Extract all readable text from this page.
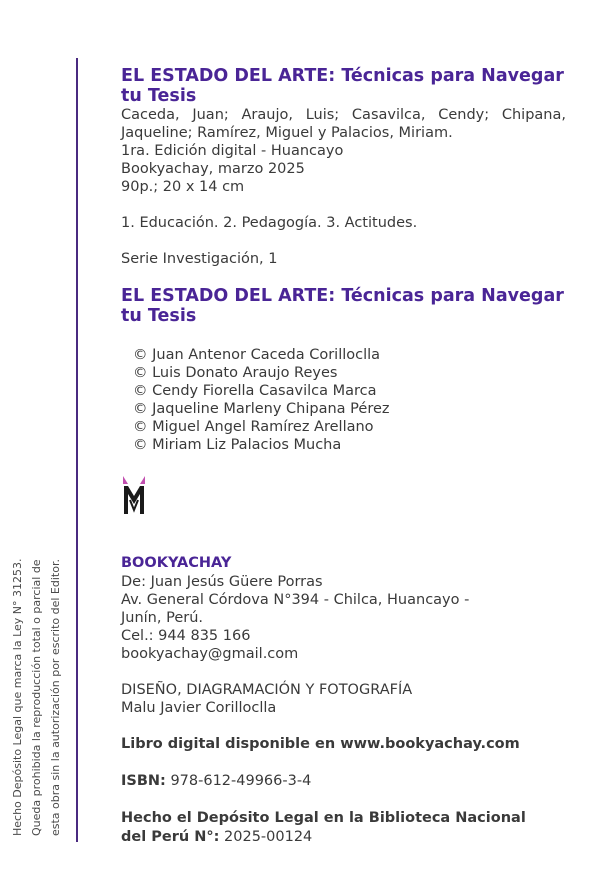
Hecho Depósito Legal que marca la Ley N° 31253. Queda prohibida la reproducción total o parcial de esta obra sin la autorización por escrito del Editor.
EL ESTADO DEL ARTE: Técnicas para Navegar tu Tesis
Caceda, Juan; Araujo, Luis; Casavilca, Cendy; Chipana, Jaqueline; Ramírez, Miguel y Palacios, Miriam.
1ra. Edición digital - Huancayo
Bookyachay, marzo 2025
90p.; 20 x 14 cm
1. Educación. 2. Pedagogía. 3. Actitudes.
Serie Investigación, 1
EL ESTADO DEL ARTE: Técnicas para Navegar tu Tesis
© Juan Antenor Caceda Corilloclla
© Luis Donato Araujo Reyes
© Cendy Fiorella Casavilca Marca
© Jaqueline Marleny Chipana Pérez
© Miguel Angel Ramírez Arellano
© Miriam Liz Palacios Mucha
BOOKYACHAY
De: Juan Jesús Güere Porras
Av. General Córdova N°394 - Chilca, Huancayo -
Junín, Perú.
Cel.: 944 835 166
bookyachay@gmail.com
DISEÑO, DIAGRAMACIÓN Y FOTOGRAFÍA
Malu Javier Corilloclla
Libro digital disponible en www.bookyachay.com
ISBN: 978-612-49966-3-4
Hecho el Depósito Legal en la Biblioteca Nacional
del Perú N°: 2025-00124
